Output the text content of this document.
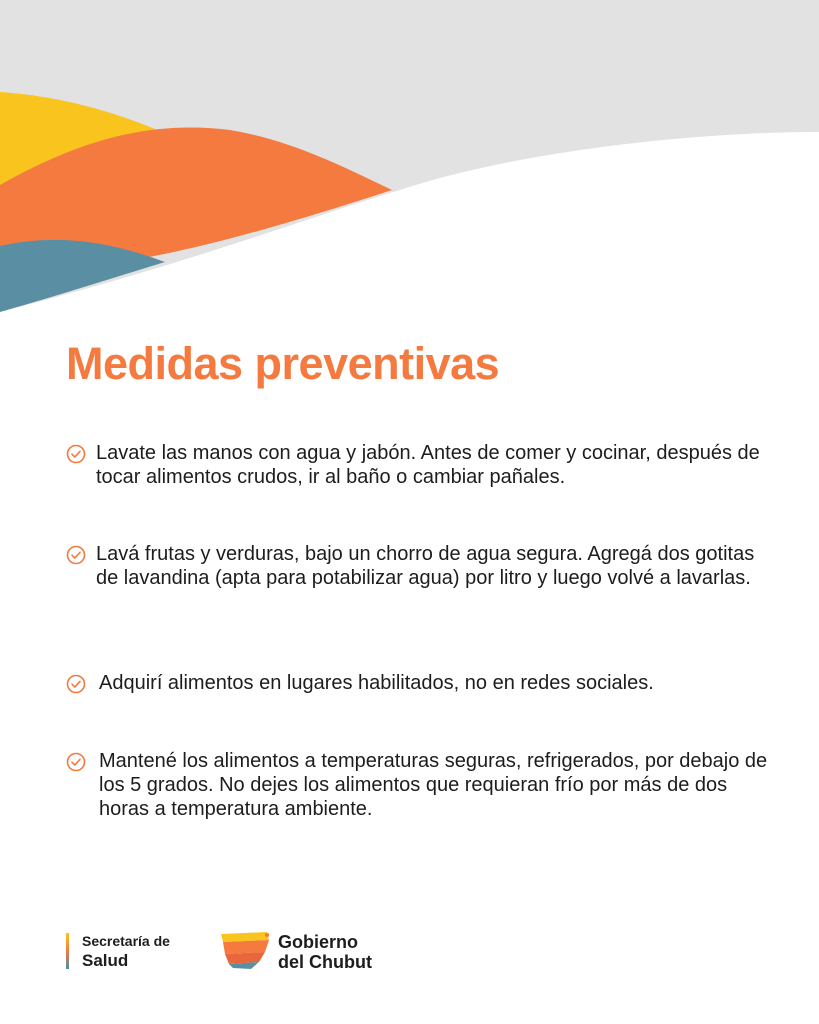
Medidas preventivas
Lavate las manos con agua y jabón. Antes de comer y cocinar, después de tocar alimentos crudos, ir al baño o cambiar pañales.
Lavá frutas y verduras, bajo un chorro de agua segura. Agregá dos gotitas de lavandina (apta para potabilizar agua) por litro y luego volvé a lavarlas.
Adquirí alimentos en lugares habilitados, no en redes sociales.
Mantené los alimentos a temperaturas seguras, refrigerados, por debajo de los 5 grados. No dejes los alimentos que requieran frío por más de dos horas a temperatura ambiente.
Secretaría de
Salud
Gobierno
del Chubut
